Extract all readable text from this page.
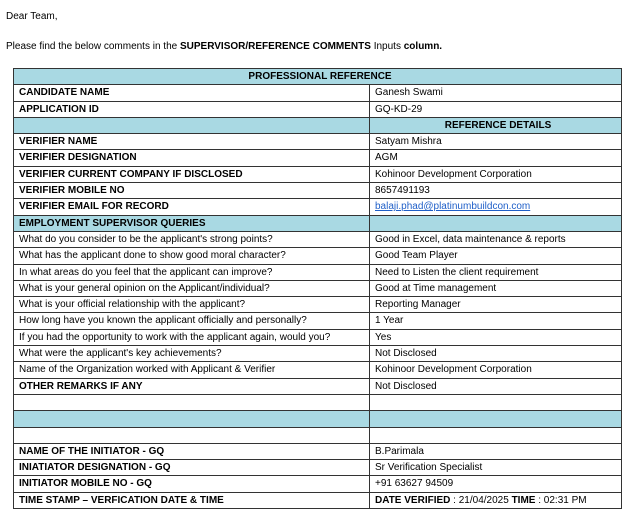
Dear Team,
Please find the below comments in the SUPERVISOR/REFERENCE COMMENTS Inputs column.
PROFESSIONAL REFERENCE	
CANDIDATE NAME	Ganesh Swami
APPLICATION ID	GQ-KD-29
	REFERENCE DETAILS
VERIFIER NAME	Satyam Mishra
VERIFIER DESIGNATION	AGM
VERIFIER CURRENT COMPANY IF DISCLOSED	Kohinoor Development Corporation
VERIFIER MOBILE NO	8657491193
VERIFIER EMAIL FOR RECORD	balaji.phad@platinumbuildcon.com
EMPLOYMENT SUPERVISOR QUERIES	
What do you consider to be the applicant's strong points?	Good in Excel, data maintenance & reports
What has the applicant done to show good moral character?	Good Team Player
In what areas do you feel that the applicant can improve?	Need to Listen the client requirement
What is your general opinion on the Applicant/individual?	Good at Time management
What is your official relationship with the applicant?	Reporting Manager
How long have you known the applicant officially and personally?	1 Year
If you had the opportunity to work with the applicant again, would you?	Yes
What were the applicant's key achievements?	Not Disclosed
Name of the Organization worked with Applicant & Verifier	Kohinoor Development Corporation
OTHER REMARKS IF ANY	Not Disclosed

NAME OF THE INITIATOR - GQ	B.Parimala
INIATIATOR DESIGNATION - GQ	Sr Verification Specialist
INITIATOR MOBILE NO - GQ	+91 63627 94509
TIME STAMP – VERFICATION DATE & TIME	DATE VERIFIED : 21/04/2025 TIME : 02:31 PM
